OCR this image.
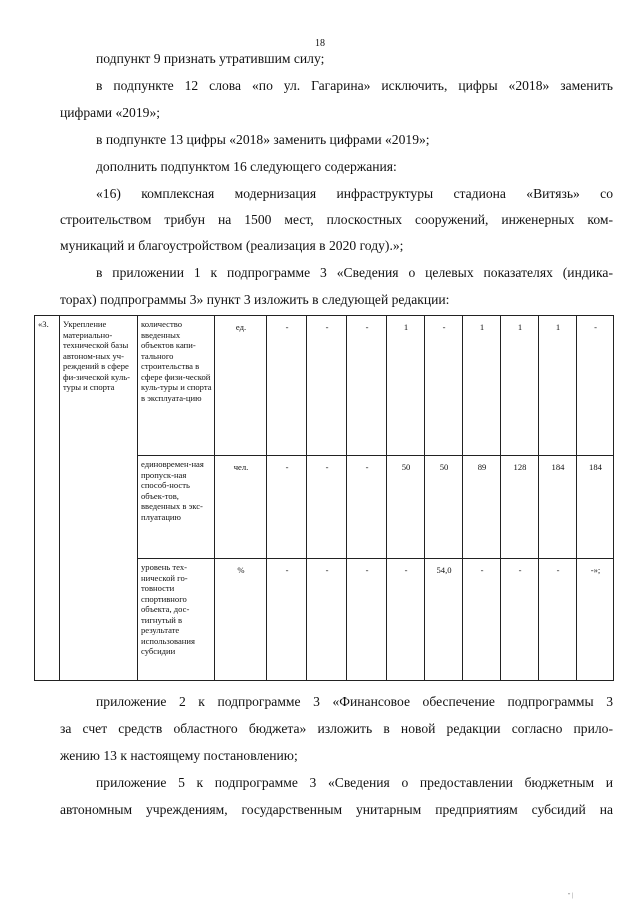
18
подпункт 9 признать утратившим силу;
в подпункте 12 слова «по ул. Гагарина» исключить, цифры «2018» заменить
цифрами «2019»;
в подпункте 13 цифры «2018» заменить цифрами «2019»;
дополнить подпунктом 16 следующего содержания:
«16) комплексная модернизация инфраструктуры стадиона «Витязь» со
строительством трибун на 1500 мест, плоскостных сооружений, инженерных ком-
муникаций и благоустройством (реализация в 2020 году).»;
в приложении 1 к подпрограмме 3 «Сведения о целевых показателях (индика-
торах) подпрограммы 3» пункт 3 изложить в следующей редакции:
«3.	Укрепление материально-технической базы автоном-ных уч-реждений в сфере фи-зической куль-туры и спорта	количество введенных объектов капи-тального строительства в сфере физи-ческой куль-туры и спорта в эксплуата-цию	ед.	-	-	-	1	-	1	1	1	-
		единовремен-ная пропуск-ная способ-ность объек-тов, введенных в экс-плуатацию	чел.	-	-	-	50	50	89	128	184	184
		уровень тех-нической го-товности спортивного объекта, дос-тигнутый в результате использования субсидии	%	-	-	-	-	54,0	-	-	-	-»;
приложение 2 к подпрограмме 3 «Финансовое обеспечение подпрограммы 3
за счет средств областного бюджета» изложить в новой редакции согласно прило-
жению 13 к настоящему постановлению;
приложение 5 к подпрограмме 3 «Сведения о предоставлении бюджетным и
автономным учреждениям, государственным унитарным предприятиям субсидий на
" |
